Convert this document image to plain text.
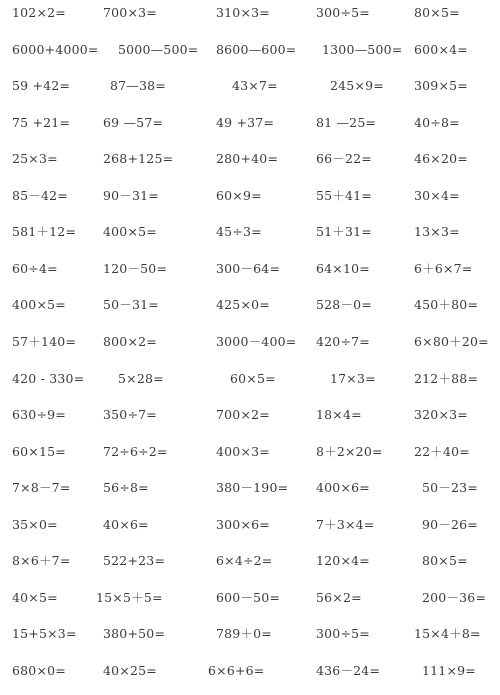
102×2=	700×3=	310×3=	300÷5=	80×5=
6000+4000= 5000—500= 8600—600= 1300—500= 600×4=
59 +42=	87—38=	43×7=	245×9= 309×5=
75 +21=	69 —57=	49 +37=	81 —25=	40÷8=
25×3=	268+125=	280+40=	66－22=	46×20=
85－42=	90－31=	60×9=	55＋41=	30×4=
581＋12= 400×5=	45÷3=	51＋31=	13×3=
60÷4=	120－50=	300－64=	64×10=	6＋6×7=
400×5=	50－31=	425×0=	528－0=	450＋80=
57＋140= 800×2=	3000－400= 420÷7=	6×80＋20=
420 - 330=	5×28=	60×5=	17×3=	212＋88=
630÷9=	350÷7=	700×2=	18×4=	320×3=
60×15=	72÷6÷2=	400×3=	8＋2×20=	22＋40=
7×8－7=	56÷8=	380－190= 400×6=	50－23=
35×0=	40×6=	300×6=	7＋3×4=	90－26=
8×6＋7=	522+23=	6×4÷2=	120×4=	80×5=
40×5=	15×5＋5=	600－50=	56×2=	200－36=
15+5×3= 380+50=	789＋0=	300÷5=	15×4＋8=
680×0=	40×25=	6×6+6=	436－24=	111×9=
